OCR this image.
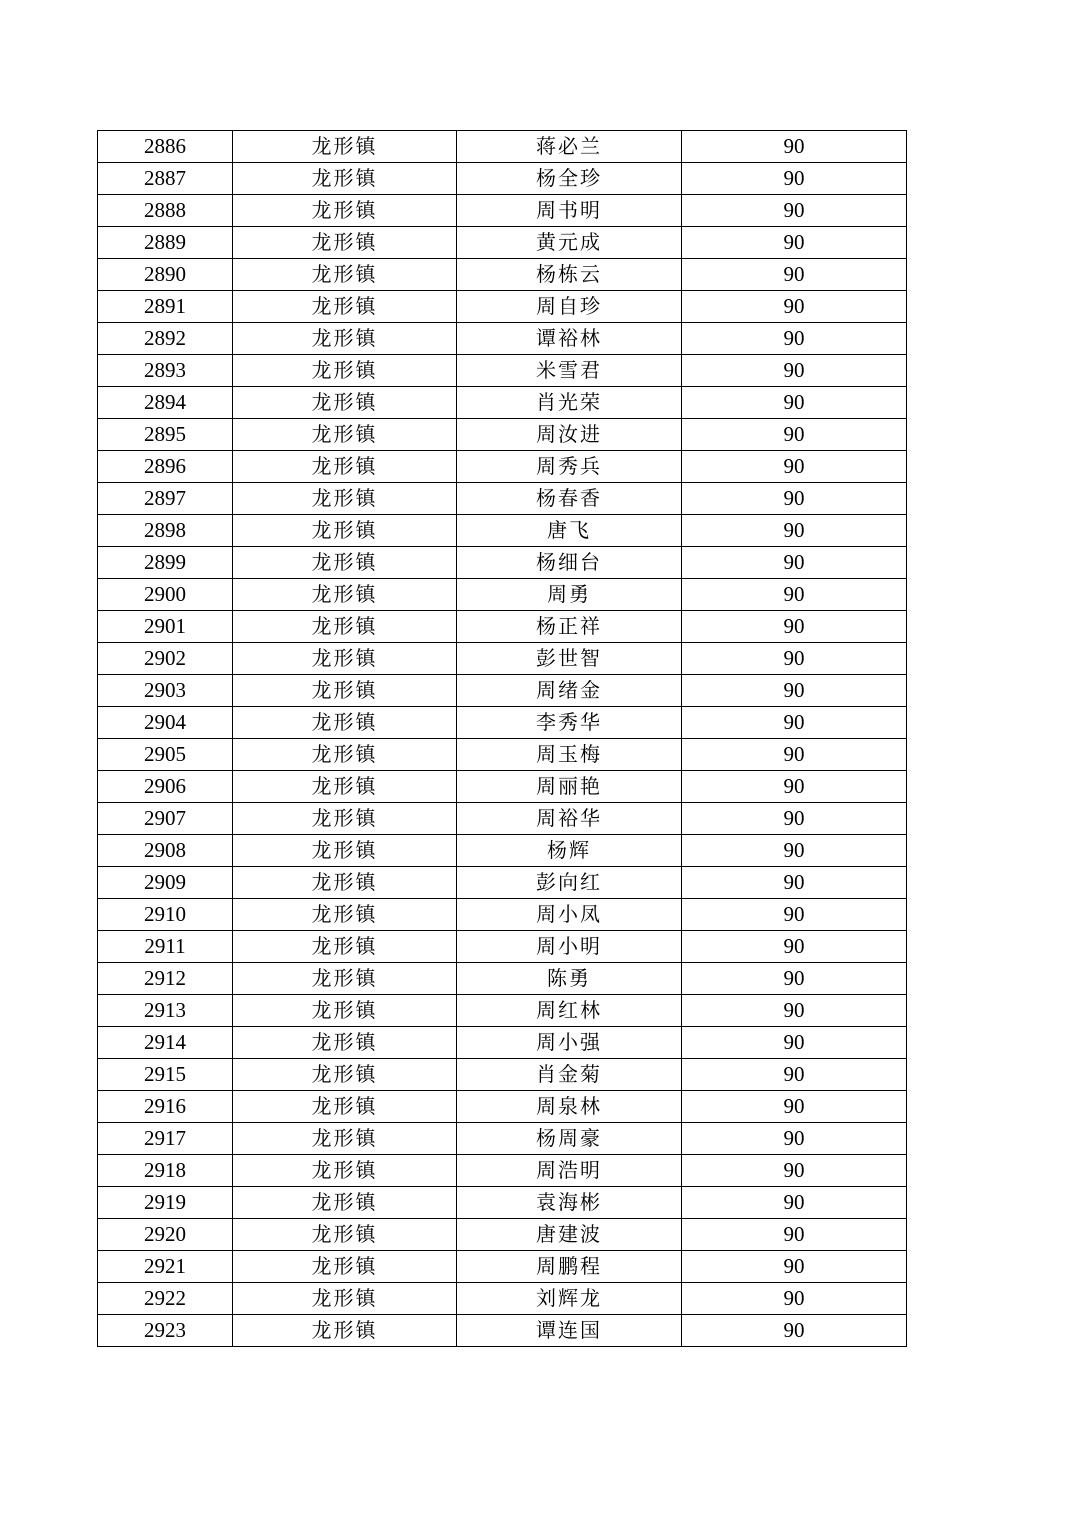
2886	龙形镇	蒋必兰	90
2887	龙形镇	杨全珍	90
2888	龙形镇	周书明	90
2889	龙形镇	黄元成	90
2890	龙形镇	杨栋云	90
2891	龙形镇	周自珍	90
2892	龙形镇	谭裕林	90
2893	龙形镇	米雪君	90
2894	龙形镇	肖光荣	90
2895	龙形镇	周汝进	90
2896	龙形镇	周秀兵	90
2897	龙形镇	杨春香	90
2898	龙形镇	唐飞	90
2899	龙形镇	杨细台	90
2900	龙形镇	周勇	90
2901	龙形镇	杨正祥	90
2902	龙形镇	彭世智	90
2903	龙形镇	周绪金	90
2904	龙形镇	李秀华	90
2905	龙形镇	周玉梅	90
2906	龙形镇	周丽艳	90
2907	龙形镇	周裕华	90
2908	龙形镇	杨辉	90
2909	龙形镇	彭向红	90
2910	龙形镇	周小凤	90
2911	龙形镇	周小明	90
2912	龙形镇	陈勇	90
2913	龙形镇	周红林	90
2914	龙形镇	周小强	90
2915	龙形镇	肖金菊	90
2916	龙形镇	周泉林	90
2917	龙形镇	杨周豪	90
2918	龙形镇	周浩明	90
2919	龙形镇	袁海彬	90
2920	龙形镇	唐建波	90
2921	龙形镇	周鹏程	90
2922	龙形镇	刘辉龙	90
2923	龙形镇	谭连国	90
